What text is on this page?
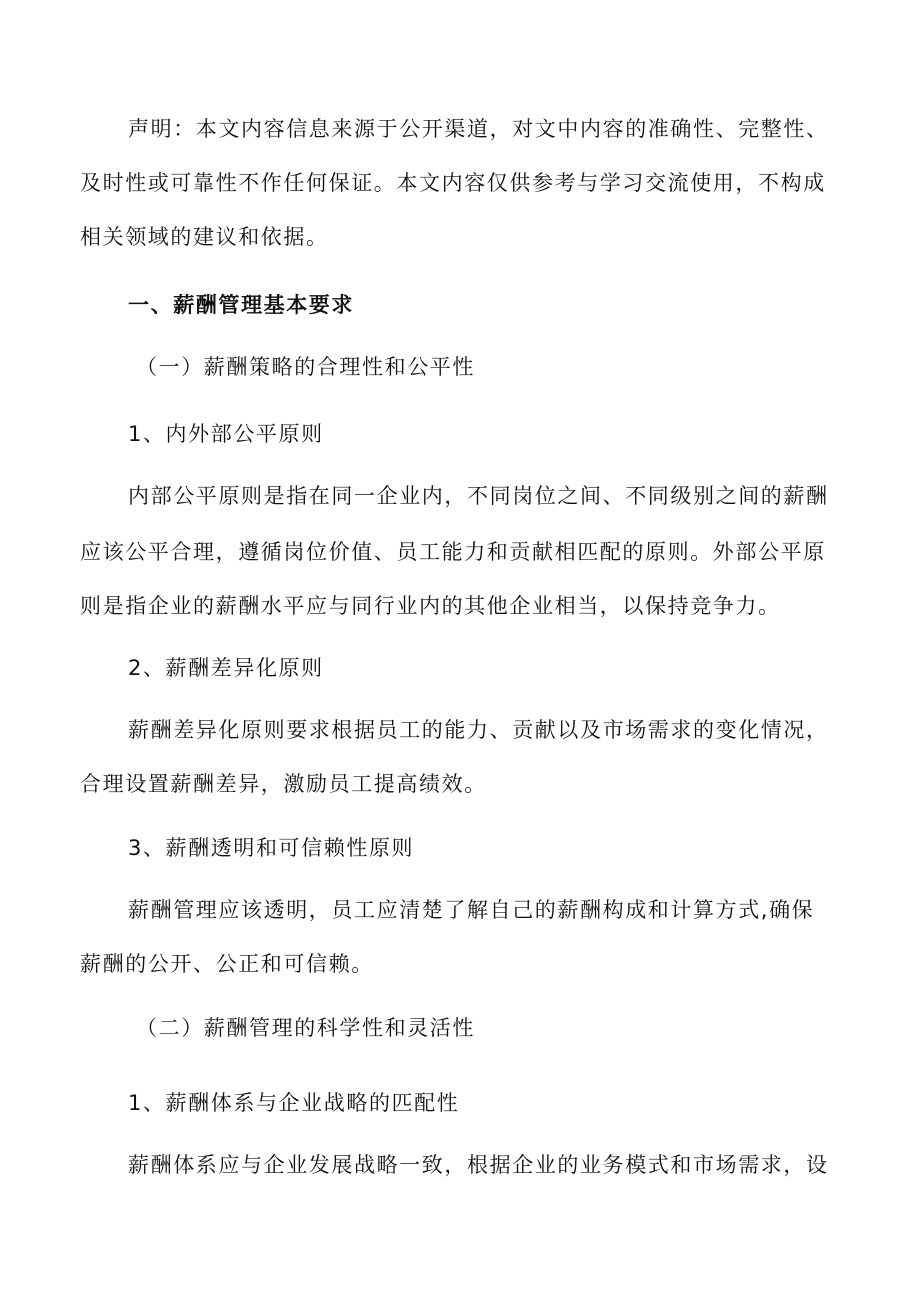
声明：本文内容信息来源于公开渠道，对文中内容的准确性、完整性、
及时性或可靠性不作任何保证。本文内容仅供参考与学习交流使用，不构成
相关领域的建议和依据。
一、薪酬管理基本要求
（一）薪酬策略的合理性和公平性
1、内外部公平原则
内部公平原则是指在同一企业内，不同岗位之间、不同级别之间的薪酬
应该公平合理，遵循岗位价值、员工能力和贡献相匹配的原则。外部公平原
则是指企业的薪酬水平应与同行业内的其他企业相当，以保持竞争力。
2、薪酬差异化原则
薪酬差异化原则要求根据员工的能力、贡献以及市场需求的变化情况，
合理设置薪酬差异，激励员工提高绩效。
3、薪酬透明和可信赖性原则
薪酬管理应该透明，员工应清楚了解自己的薪酬构成和计算方式,确保
薪酬的公开、公正和可信赖。
（二）薪酬管理的科学性和灵活性
1、薪酬体系与企业战略的匹配性
薪酬体系应与企业发展战略一致，根据企业的业务模式和市场需求，设
